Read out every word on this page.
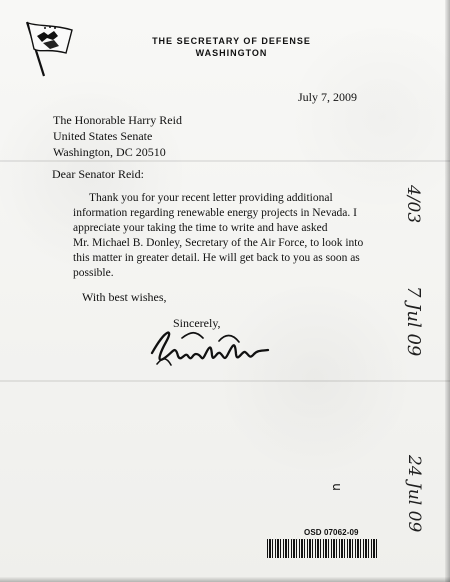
THE SECRETARY OF DEFENSE
WASHINGTON
July 7, 2009
The Honorable Harry Reid
United States Senate
Washington, DC 20510
Dear Senator Reid:
Thank you for your recent letter providing additional
information regarding renewable energy projects in Nevada. I
appreciate your taking the time to write and have asked
Mr. Michael B. Donley, Secretary of the Air Force, to look into
this matter in greater detail. He will get back to you as soon as
possible.
With best wishes,
Sincerely,
4/03
7 Jul 09
24 Jul 09
u
OSD 07062-09
